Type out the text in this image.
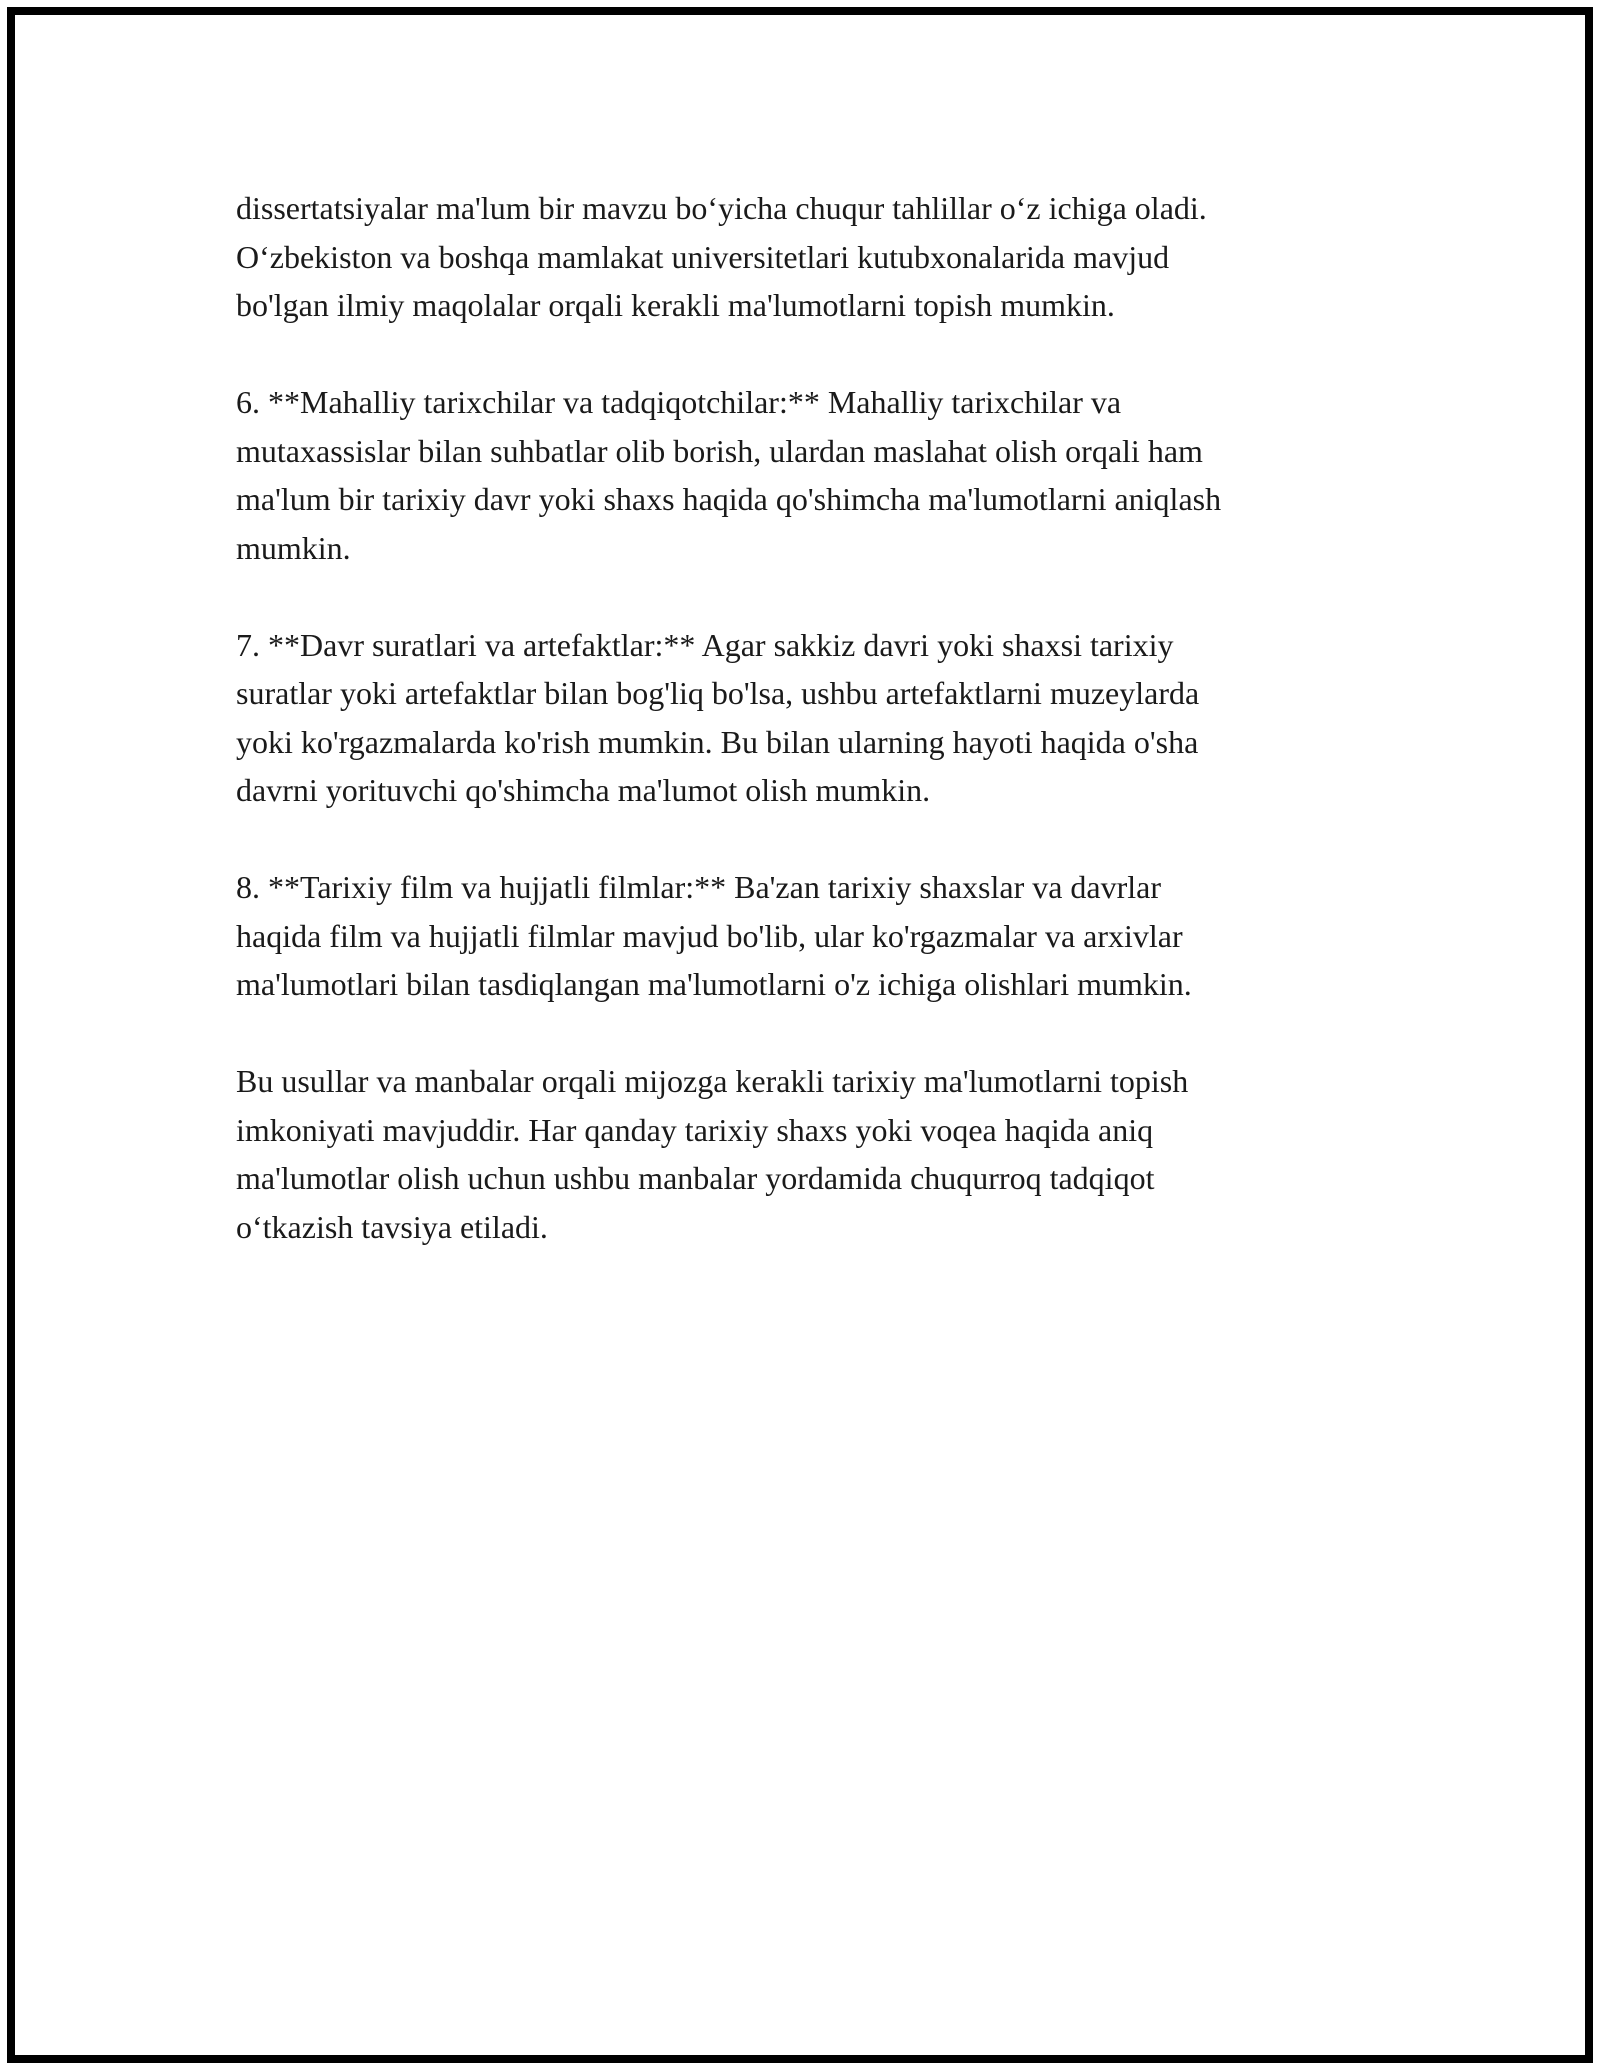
dissertatsiyalar ma'lum bir mavzu bo‘yicha chuqur tahlillar o‘z ichiga oladi.
O‘zbekiston va boshqa mamlakat universitetlari kutubxonalarida mavjud
bo'lgan ilmiy maqolalar orqali kerakli ma'lumotlarni topish mumkin.

6. **Mahalliy tarixchilar va tadqiqotchilar:** Mahalliy tarixchilar va
mutaxassislar bilan suhbatlar olib borish, ulardan maslahat olish orqali ham
ma'lum bir tarixiy davr yoki shaxs haqida qo'shimcha ma'lumotlarni aniqlash
mumkin.

7. **Davr suratlari va artefaktlar:** Agar sakkiz davri yoki shaxsi tarixiy
suratlar yoki artefaktlar bilan bog'liq bo'lsa, ushbu artefaktlarni muzeylarda
yoki ko'rgazmalarda ko'rish mumkin. Bu bilan ularning hayoti haqida o'sha
davrni yorituvchi qo'shimcha ma'lumot olish mumkin.

8. **Tarixiy film va hujjatli filmlar:** Ba'zan tarixiy shaxslar va davrlar
haqida film va hujjatli filmlar mavjud bo'lib, ular ko'rgazmalar va arxivlar
ma'lumotlari bilan tasdiqlangan ma'lumotlarni o'z ichiga olishlari mumkin.

Bu usullar va manbalar orqali mijozga kerakli tarixiy ma'lumotlarni topish
imkoniyati mavjuddir. Har qanday tarixiy shaxs yoki voqea haqida aniq
ma'lumotlar olish uchun ushbu manbalar yordamida chuqurroq tadqiqot
o‘tkazish tavsiya etiladi.
